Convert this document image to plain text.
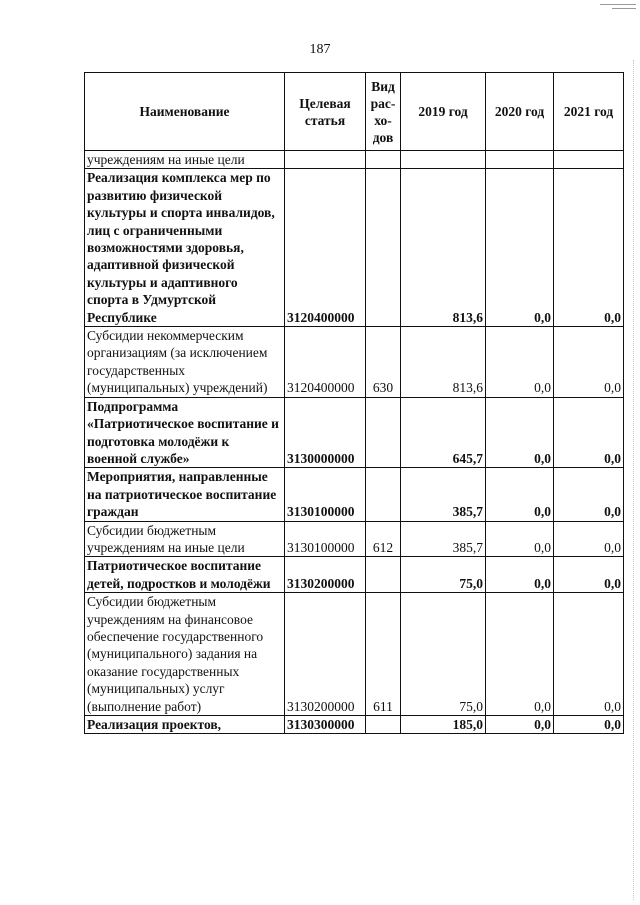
187
Наименование	Целевая статья	Вид рас-хо-дов	2019 год	2020 год	2021 год
учреждениям на иные цели					
Реализация комплекса мер по развитию физической культуры и спорта инвалидов, лиц с ограниченными возможностями здоровья, адаптивной физической культуры и адаптивного спорта в Удмуртской Республике	3120400000		813,6	0,0	0,0
Субсидии некоммерческим организациям (за исключением государственных (муниципальных) учреждений)	3120400000	630	813,6	0,0	0,0
Подпрограмма «Патриотическое воспитание и подготовка молодёжи к военной службе»	3130000000		645,7	0,0	0,0
Мероприятия, направленные на патриотическое воспитание граждан	3130100000		385,7	0,0	0,0
Субсидии бюджетным учреждениям на иные цели	3130100000	612	385,7	0,0	0,0
Патриотическое воспитание детей, подростков и молодёжи	3130200000		75,0	0,0	0,0
Субсидии бюджетным учреждениям на финансовое обеспечение государственного (муниципального) задания на оказание государственных (муниципальных) услуг (выполнение работ)	3130200000	611	75,0	0,0	0,0
Реализация проектов,	3130300000		185,0	0,0	0,0
